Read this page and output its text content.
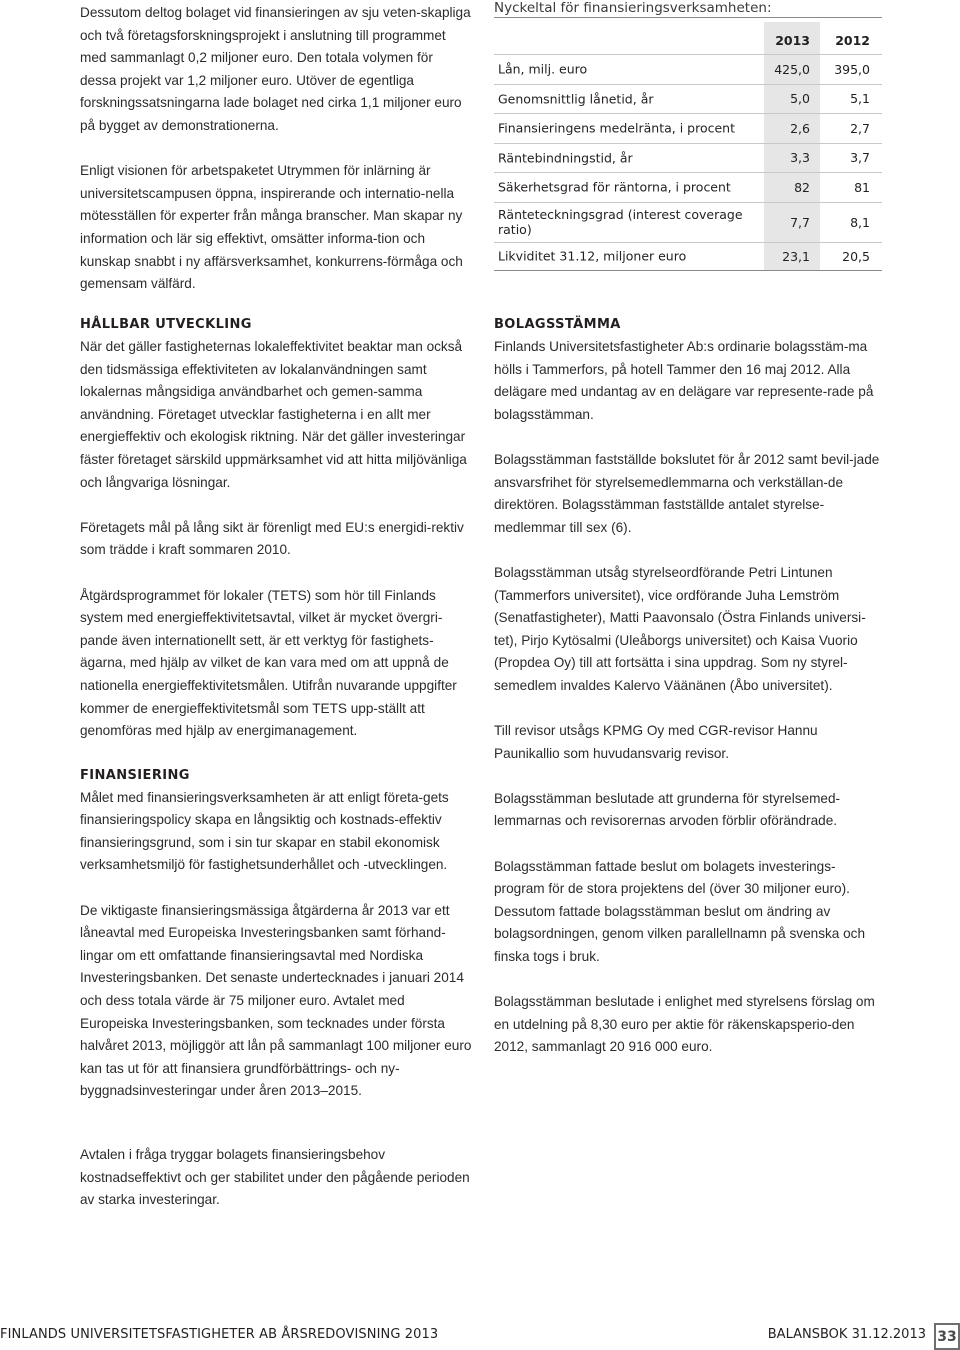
Dessutom deltog bolaget vid finansieringen av sju veten-skapliga och två företagsforskningsprojekt i anslutning till programmet med sammanlagt 0,2 miljoner euro. Den totala volymen för dessa projekt var 1,2 miljoner euro. Utöver de egentliga forskningssatsningarna lade bolaget ned cirka 1,1 miljoner euro på bygget av demonstrationerna.

Enligt visionen för arbetspaketet Utrymmen för inlärning är universitetscampusen öppna, inspirerande och internatio-nella mötesställen för experter från många branscher. Man skapar ny information och lär sig effektivt, omsätter informa-tion och kunskap snabbt i ny affärsverksamhet, konkurrens-förmåga och gemensam välfärd.

Nyckeltal för finansieringsverksamheten:
2013	2012
Lån, milj. euro	425,0	395,0
Genomsnittlig lånetid, år	5,0	5,1
Finansieringens medelränta, i procent	2,6	2,7
Räntebindningstid, år	3,3	3,7
Säkerhetsgrad för räntorna, i procent	82	81
Ränteteckningsgrad (interest coverage ratio)	7,7	8,1
Likviditet 31.12, miljoner euro	23,1	20,5
HÅLLBAR UTVECKLING

När det gäller fastigheternas lokaleffektivitet beaktar man också den tidsmässiga effektiviteten av lokalanvändningen samt lokalernas mångsidiga användbarhet och gemen-samma användning. Företaget utvecklar fastigheterna i en allt mer energieffektiv och ekologisk riktning. När det gäller investeringar fäster företaget särskild uppmärksamhet vid att hitta miljövänliga och långvariga lösningar.

Företagets mål på lång sikt är förenligt med EU:s energidi-rektiv som trädde i kraft sommaren 2010.

Åtgärdsprogrammet för lokaler (TETS) som hör till Finlands system med energieffektivitetsavtal, vilket är mycket övergri-pande även internationellt sett, är ett verktyg för fastighets-ägarna, med hjälp av vilket de kan vara med om att uppnå de nationella energieffektivitetsmålen. Utifrån nuvarande uppgifter kommer de energieffektivitetsmål som TETS upp-ställt att genomföras med hjälp av energimanagement.

FINANSIERING

Målet med finansieringsverksamheten är att enligt företa-gets finansieringspolicy skapa en långsiktig och kostnads-effektiv finansieringsgrund, som i sin tur skapar en stabil ekonomisk verksamhetsmiljö för fastighetsunderhållet och -utvecklingen.

De viktigaste finansieringsmässiga åtgärderna år 2013 var ett låneavtal med Europeiska Investeringsbanken samt förhand-lingar om ett omfattande finansieringsavtal med Nordiska Investeringsbanken. Det senaste undertecknades i januari 2014 och dess totala värde är 75 miljoner euro. Avtalet med Europeiska Investeringsbanken, som tecknades under första halvåret 2013, möjliggör att lån på sammanlagt 100 miljoner euro kan tas ut för att finansiera grundförbättrings- och ny-byggnadsinvesteringar under åren 2013–2015.

Avtalen i fråga tryggar bolagets finansieringsbehov kostnadseffektivt och ger stabilitet under den pågående perioden av starka investeringar.

BOLAGSSTÄMMA

Finlands Universitetsfastigheter Ab:s ordinarie bolagsstäm-ma hölls i Tammerfors, på hotell Tammer den 16 maj 2012. Alla delägare med undantag av en delägare var represente-rade på bolagsstämman.

Bolagsstämman fastställde bokslutet för år 2012 samt bevil-jade ansvarsfrihet för styrelsemedlemmarna och verkställan-de direktören. Bolagsstämman fastställde antalet styrelse-medlemmar till sex (6).

Bolagsstämman utsåg styrelseordförande Petri Lintunen (Tammerfors universitet), vice ordförande Juha Lemström (Senatfastigheter), Matti Paavonsalo (Östra Finlands universi-tet), Pirjo Kytösalmi (Uleåborgs universitet) och Kaisa Vuorio (Propdea Oy) till att fortsätta i sina uppdrag. Som ny styrel-semedlem invaldes Kalervo Väänänen (Åbo universitet).

Till revisor utsågs KPMG Oy med CGR-revisor Hannu Paunikallio som huvudansvarig revisor.

Bolagsstämman beslutade att grunderna för styrelsemed-lemmarnas och revisorernas arvoden förblir oförändrade.

Bolagsstämman fattade beslut om bolagets investerings-program för de stora projektens del (över 30 miljoner euro). Dessutom fattade bolagsstämman beslut om ändring av bolagsordningen, genom vilken parallellnamn på svenska och finska togs i bruk.

Bolagsstämman beslutade i enlighet med styrelsens förslag om en utdelning på 8,30 euro per aktie för räkenskapsperio-den 2012, sammanlagt 20 916 000 euro.

FINLANDS UNIVERSITETSFASTIGHETER AB ÅRSREDOVISNING 2013	BALANSBOK 31.12.2013 33
